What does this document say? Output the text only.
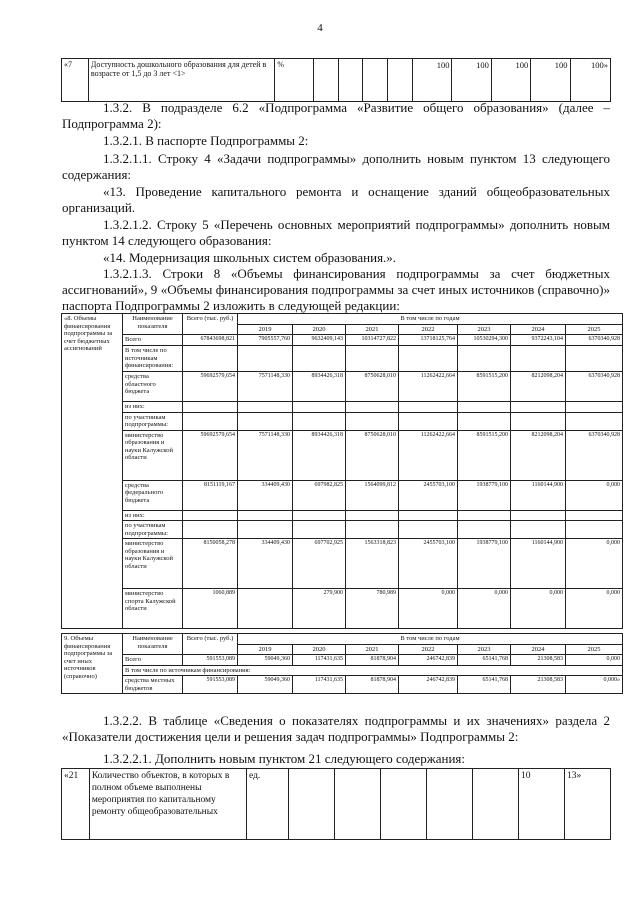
4
«7	Доступность дошкольного образования для детей в возрасте от 1,5 до 3 лет <1>	%					100	100	100	100	100»
1.3.2. В подразделе 6.2 «Подпрограмма «Развитие общего образования» (далее – Подпрограмма 2):
1.3.2.1. В паспорте Подпрограммы 2:
1.3.2.1.1. Строку 4 «Задачи подпрограммы» дополнить новым пунктом 13 следующего содержания:
«13. Проведение капитального ремонта и оснащение зданий общеобразовательных организаций.
1.3.2.1.2. Строку 5 «Перечень основных мероприятий подпрограммы» дополнить новым пунктом 14 следующего образования:
«14. Модернизация школьных систем образования.».
1.3.2.1.3. Строки 8 «Объемы финансирования подпрограммы за счет бюджетных ассигнований», 9 «Объемы финансирования подпрограммы за счет иных источников (справочно)» паспорта Подпрограммы 2 изложить в следующей редакции:
«8. Объемы финансирования подпрограммы за счет бюджетных ассигнований	Наименование показателя	Всего (тыс. руб.)	В том числе по годам						
			2019	2020	2021	2022	2023	2024	2025
	Всего	67843698,821	7905557,760	9632409,143	10314727,822	13718125,764	10530294,300	9372243,104	6370340,928
	В том числе по источникам финансирования:								
	средства областного бюджета	59692579,654	7571148,330	8934426,318	8750628,010	11262422,664	8591515,200	8212098,204	6370340,928
	из них:								
	по участникам подпрограммы:								
	министерство образования и науки Калужской области	59692579,654	7571148,330	8934426,318	8750628,010	11262422,664	8591515,200	8212098,204	6370340,928
	средства федерального бюджета	8151119,167	334409,430	697982,825	1564099,812	2455703,100	1938779,100	1160144,900	0,000
	из них:								
	по участникам подпрограммы:								
	министерство образования и науки Калужской области	8150058,278	334409,430	697702,925	1563318,823	2455703,100	1938779,100	1160144,900	0,000
	министерство спорта Калужской области	1060,889		279,900	780,989	0,000	0,000	0,000	0,000
9. Объемы финансирования подпрограммы за счет иных источников (справочно)	Наименование показателя	Всего (тыс. руб.)	В том числе по годам						
			2019	2020	2021	2022	2023	2024	2025
	Всего	591553,089	59049,360	117431,635	81878,904	246742,839	65141,768	21308,583	0,000
	В том числе по источникам финансирования:								
	средства местных бюджетов	591553,089	59049,360	117431,635	81878,904	246742,839	65141,768	21308,583	0,000»
1.3.2.2. В таблице «Сведения о показателях подпрограммы и их значениях» раздела 2 «Показатели достижения цели и решения задач подпрограммы» Подпрограммы 2:
1.3.2.2.1. Дополнить новым пунктом 21 следующего содержания:
«21	Количество объектов, в которых в полном объеме выполнены мероприятия по капитальному ремонту общеобразовательных	ед.						10	13»
